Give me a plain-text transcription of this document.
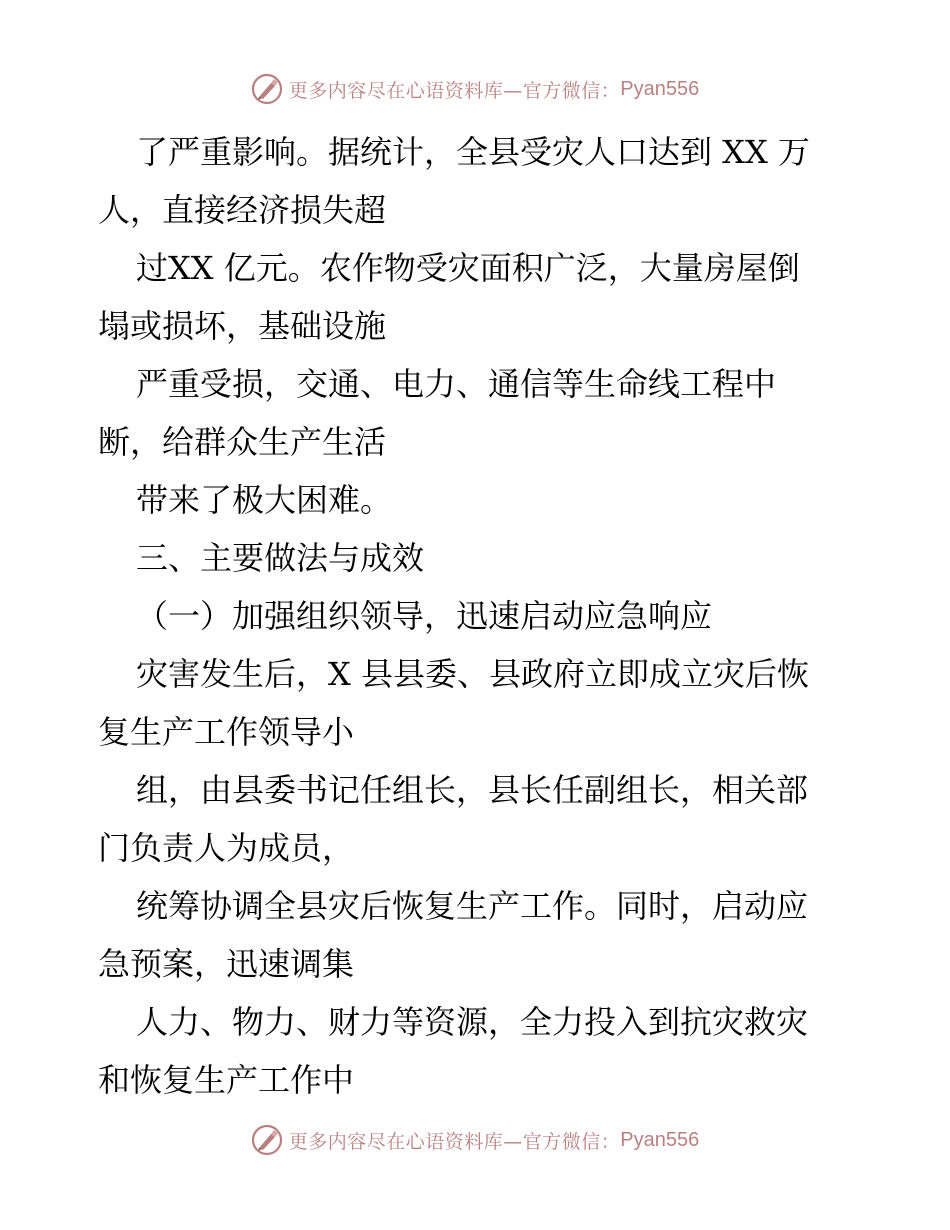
更多内容尽在心语资料库—官方微信： Pyan556
了严重影响。据统计，全县受灾人口达到 XX 万
人，直接经济损失超
过XX 亿元。农作物受灾面积广泛，大量房屋倒
塌或损坏，基础设施
严重受损，交通、电力、通信等生命线工程中
断，给群众生产生活
带来了极大困难。
三、主要做法与成效
（一）加强组织领导，迅速启动应急响应
灾害发生后，X 县县委、县政府立即成立灾后恢
复生产工作领导小
组，由县委书记任组长，县长任副组长，相关部
门负责人为成员，
统筹协调全县灾后恢复生产工作。同时，启动应
急预案，迅速调集
人力、物力、财力等资源，全力投入到抗灾救灾
和恢复生产工作中
更多内容尽在心语资料库—官方微信： Pyan556
